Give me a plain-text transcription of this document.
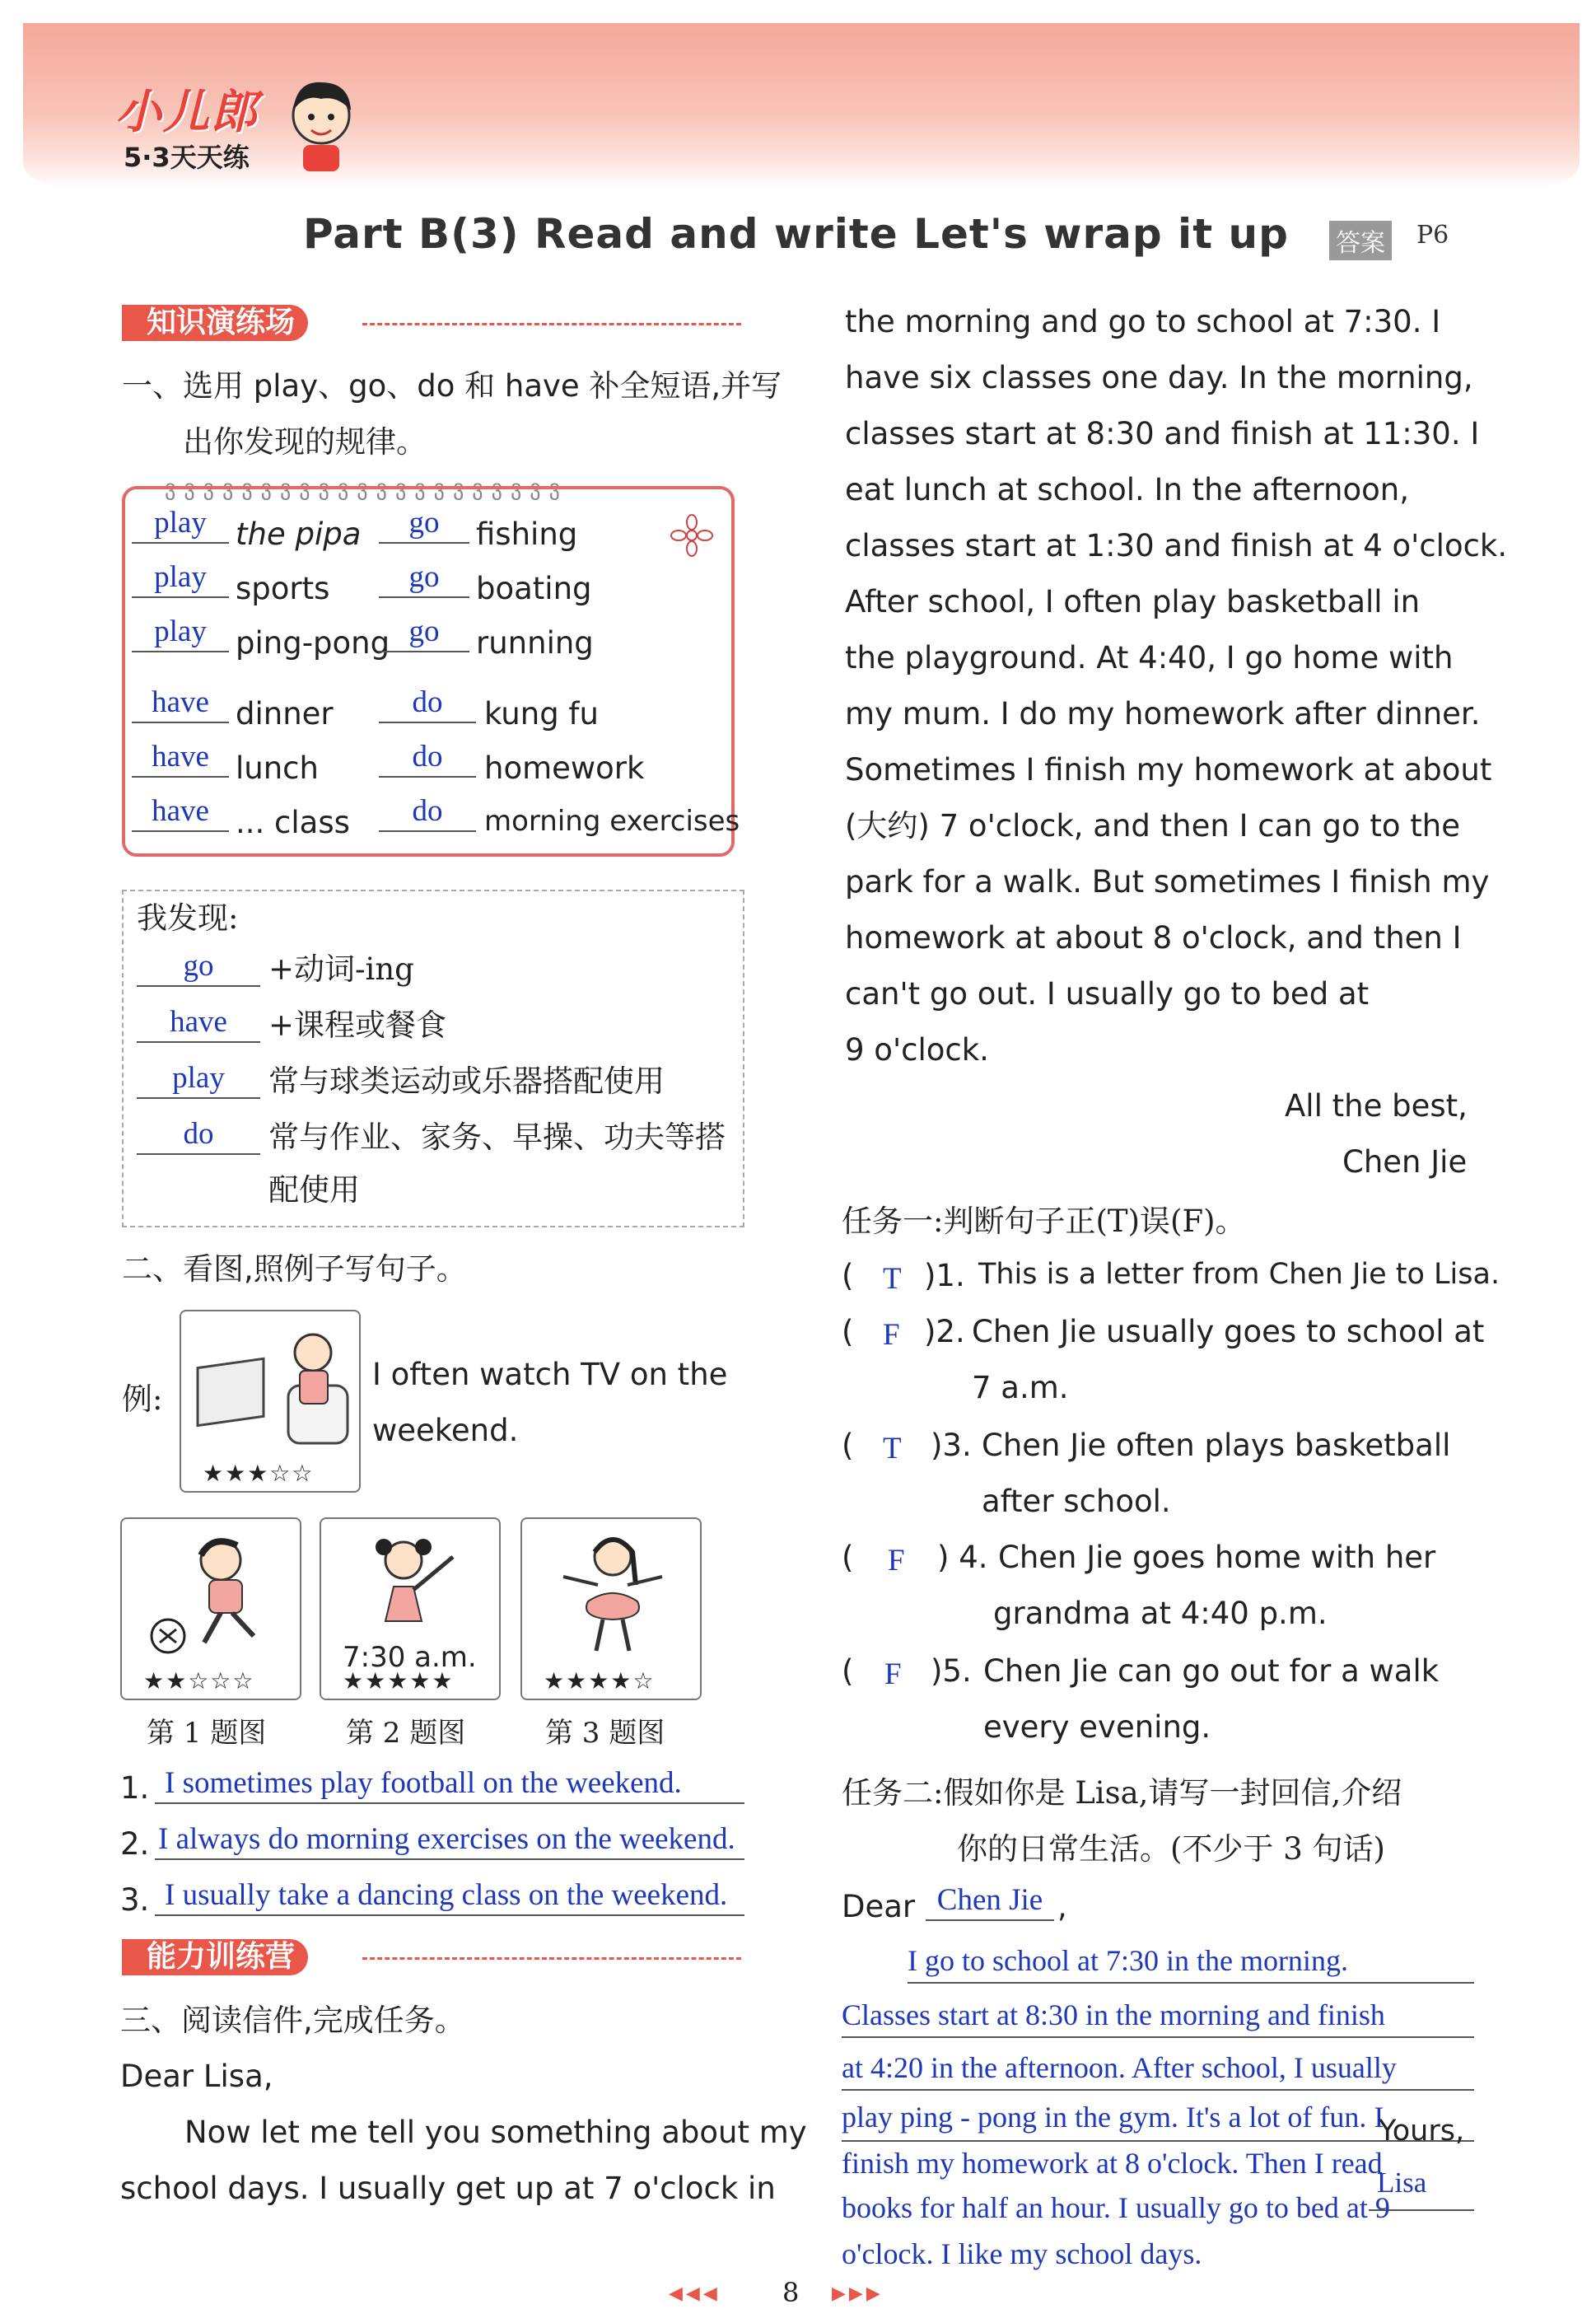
小儿郎
5·3天天练
Part B(3) Read and write Let's wrap it up 答案 P6
知识演练场
一、选用 play、go、do 和 have 补全短语,并写
出你发现的规律。
ვვვვვვვვვვვვვვვვვვვვვ
play the pipa	go	fishing
play sports	go	boating
play ping-pong go	running
have dinner	do	kung fu
have lunch	do	homework
have ... class	do	morning exercises
我发现:
go	+动词-ing
have	+课程或餐食
play	常与球类运动或乐器搭配使用
do	常与作业、家务、早操、功夫等搭
配使用
二、看图,照例子写句子。
例:
★★★☆☆
I often watch TV on the
weekend.
★★☆☆☆
7:30 a.m.
★★★★★	★★★★☆
第 1 题图	第 2 题图	第 3 题图
1. I sometimes play football on the weekend.
2. I always do morning exercises on the weekend.
3. I usually take a dancing class on the weekend.
能力训练营
三、阅读信件,完成任务。
Dear Lisa,
Now let me tell you something about my
school days. I usually get up at 7 o'clock in
the morning and go to school at 7:30. I
have six classes one day. In the morning,
classes start at 8:30 and finish at 11:30. I
eat lunch at school. In the afternoon,
classes start at 1:30 and finish at 4 o'clock.
After school, I often play basketball in
the playground. At 4:40, I go home with
my mum. I do my homework after dinner.
Sometimes I finish my homework at about
(大约) 7 o'clock, and then I can go to the
park for a walk. But sometimes I finish my
homework at about 8 o'clock, and then I
can't go out. I usually go to bed at
9 o'clock.
All the best,
Chen Jie
任务一:判断句子正(T)误(F)。
( T )1. This is a letter from Chen Jie to Lisa.
( F )2. Chen Jie usually goes to school at
7 a.m.
( T )3. Chen Jie often plays basketball
after school.
( F ) 4. Chen Jie goes home with her
grandma at 4:40 p.m.
( F )5. Chen Jie can go out for a walk
every evening.
任务二:假如你是 Lisa,请写一封回信,介绍
你的日常生活。(不少于 3 句话)
Dear Chen Jie ,
I go to school at 7:30 in the morning.
Classes start at 8:30 in the morning and finish
at 4:20 in the afternoon. After school, I usually
play ping - pong in the gym. It's a lot of fun. I
finish my homework at 8 o'clock. Then I read
books for half an hour. I usually go to bed at 9
o'clock. I like my school days.
Yours,
Lisa
◀◀◀ 8 ▶▶▶
